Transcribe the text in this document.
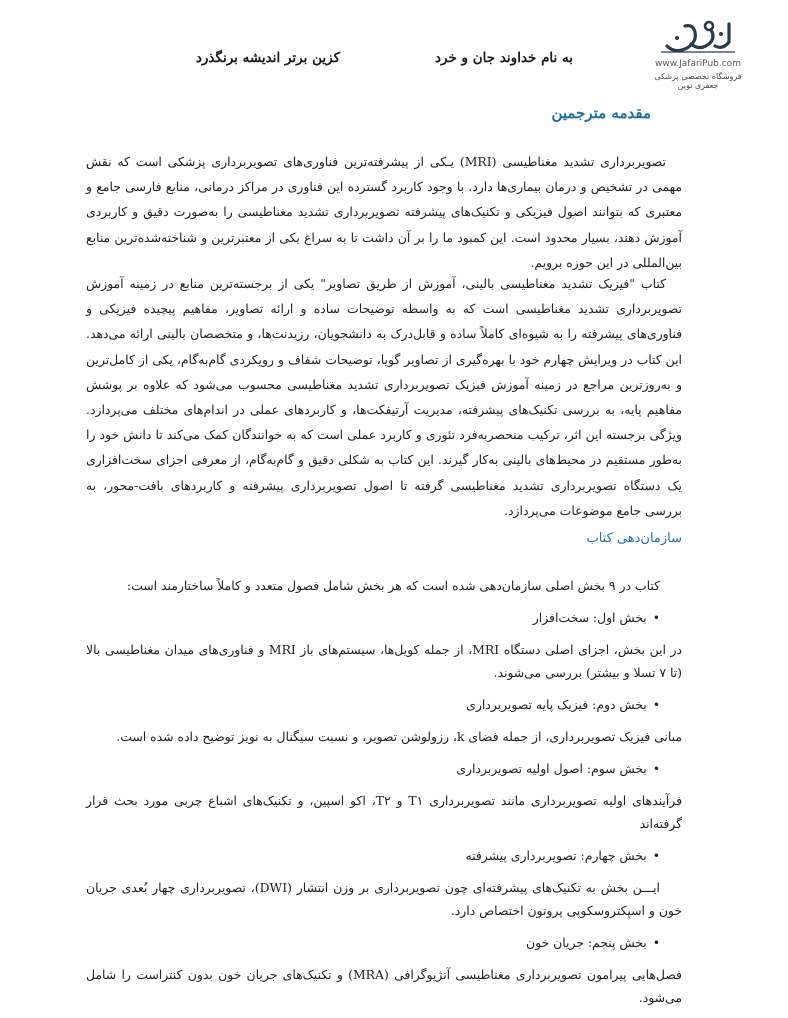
www.JafariPub.com
فروشگاه تخصصی پزشکی جعفری نوین
به نام خداوند جان و خرد
کزین برتر اندیشه برنگذرد
مقدمه مترجمین

تصویربرداری تشدید مغناطیسی (MRI) یـکی از پیشرفته‌ترین فناوری‌های تصویربرداری پزشکی است که نقش مهمی در تشخیص و درمان بیماری‌ها دارد. با وجود کاربرد گسترده این فناوری در مراکز درمانی، منابع فارسی جامع و معتبری که بتوانند اصول فیزیکی و تکنیک‌های پیشرفته تصویربرداری تشدید مغناطیسی را به‌صورت دقیق و کاربردی آموزش دهند، بسیار محدود است. این کمبود ما را بر آن داشت تا به سراغ یکی از معتبرترین و شناخته‌شده‌ترین منابع بین‌المللی در این حوزه برویم.

کتاب "فیزیک تشدید مغناطیسی بالینی، آموزش از طریق تصاویر" یکی از برجسته‌ترین منابع در زمینه آموزش تصویربرداری تشدید مغناطیسی است که به واسطه توضیحات ساده و ارائه تصاویر، مفاهیم پیچیده فیزیکی و فناوری‌های پیشرفته را به شیوه‌ای کاملاً ساده و قابل‌درک به دانشجویان، رزیدنت‌ها، و متخصصان بالینی ارائه می‌دهد. این کتاب در ویرایش چهارم خود با بهره‌گیری از تصاویر گویا، توضیحات شفاف و رویکردی گام‌به‌گام، یکی از کامل‌ترین و به‌روزترین مراجع در زمینه آموزش فیزیک تصویربرداری تشدید مغناطیسی محسوب می‌شود که علاوه بر پوشش مفاهیم پایه، به بررسی تکنیک‌های پیشرفته، مدیریت آرتیفکت‌ها، و کاربردهای عملی در اندام‌های مختلف می‌پردازد. ویژگی برجسته این اثر، ترکیب منحصربه‌فرد تئوری و کاربرد عملی است که به خوانندگان کمک می‌کند تا دانش خود را به‌طور مستقیم در محیط‌های بالینی به‌کار گیرند. این کتاب به شکلی دقیق و گام‌به‌گام، از معرفی اجزای سخت‌افزاری یک دستگاه تصویربرداری تشدید مغناطیسی گرفته تا اصول تصویربرداری پیشرفته و کاربردهای بافت-محور، به بررسی جامع موضوعات می‌پردازد.

سازمان‌دهی کتاب

کتاب در ۹ بخش اصلی سازمان‌دهی شده است که هر بخش شامل فصول متعدد و کاملاً ساختارمند است:

•بخش اول: سخت‌افزار

در این بخش، اجزای اصلی دستگاه MRI، از جمله کویل‌ها، سیستم‌های باز MRI و فناوری‌های میدان مغناطیسی بالا (تا ۷ تسلا و بیشتر) بررسی می‌شوند.

•بخش دوم: فیزیک پایه تصویربرداری

مبانی فیزیک تصویربرداری، از جمله فضای k، رزولوشن تصویر، و نسبت سیگنال به نویز توضیح داده شده است.

•بخش سوم: اصول اولیه تصویربرداری

فرآیندهای اولیه تصویربرداری مانند تصویربرداری T۱ و T۲، اکو اسپین، و تکنیک‌های اشباع چربی مورد بحث قرار گرفته‌اند

•بخش چهارم: تصویربرداری پیشرفته

ایـــن بخش به تکنیک‌های پیشرفته‌ای چون تصویربرداری بر وزن انتشار (DWI)، تصویربرداری چهار بُعدی جریان خون و اسپکتروسکوپی پروتون اختصاص دارد.

•بخش پنجم: جریان خون

فصل‌هایی پیرامون تصویربرداری مغناطیسی آنژیوگرافی (MRA) و تکنیک‌های جریان خون بدون کنتراست را شامل می‌شود.
